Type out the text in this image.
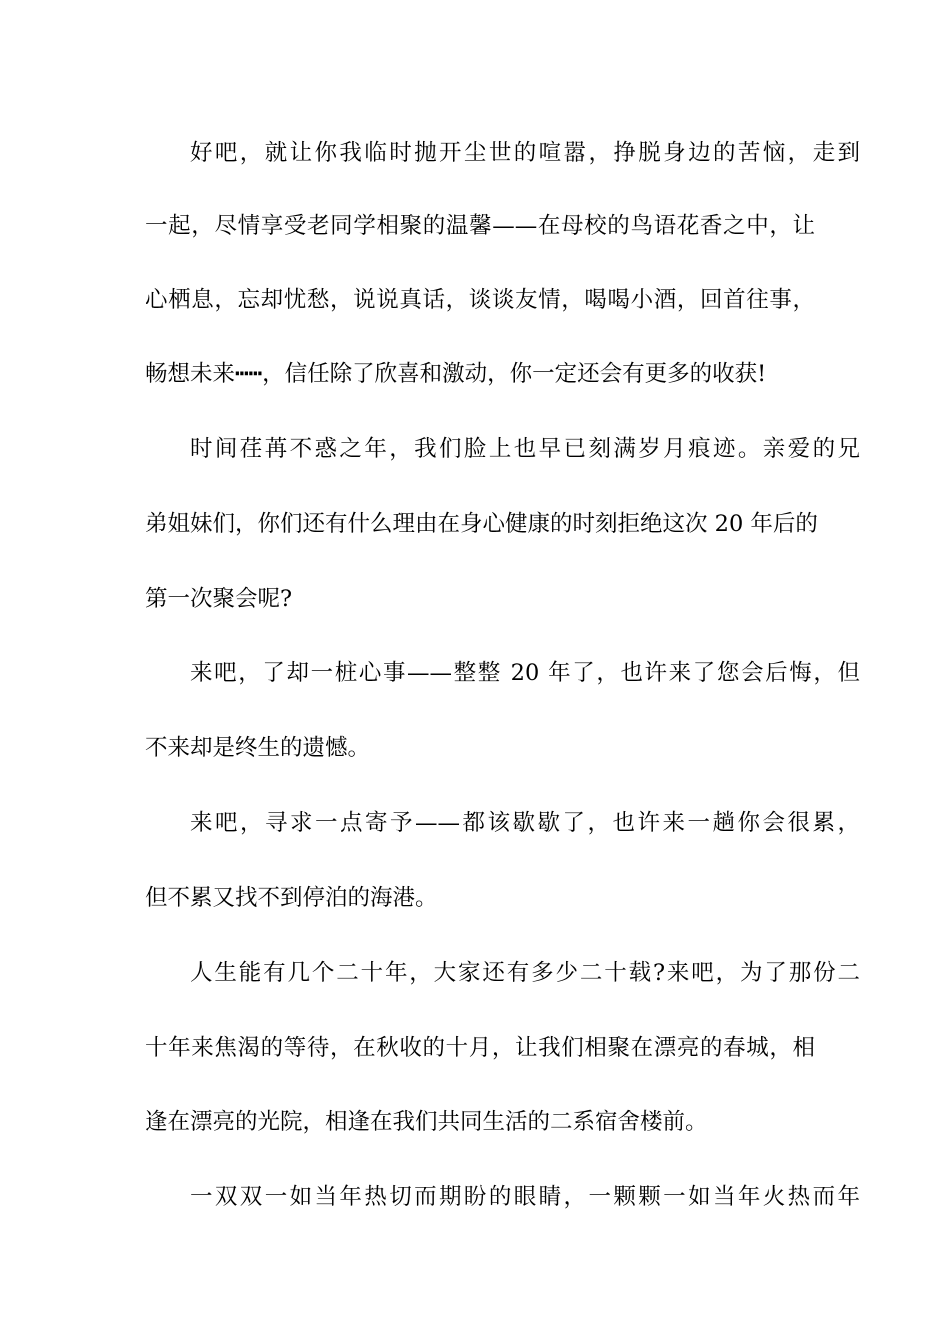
好吧，就让你我临时抛开尘世的喧嚣，挣脱身边的苦恼，走到
一起，尽情享受老同学相聚的温馨——在母校的鸟语花香之中，让
心栖息，忘却忧愁，说说真话，谈谈友情，喝喝小酒，回首往事，
畅想未来┅┅，信任除了欣喜和激动，你一定还会有更多的收获!
时间荏苒不惑之年，我们脸上也早已刻满岁月痕迹。亲爱的兄
弟姐妹们，你们还有什么理由在身心健康的时刻拒绝这次 20 年后的
第一次聚会呢?
来吧，了却一桩心事——整整 20 年了，也许来了您会后悔，但
不来却是终生的遗憾。
来吧，寻求一点寄予——都该歇歇了，也许来一趟你会很累，
但不累又找不到停泊的海港。
人生能有几个二十年，大家还有多少二十载?来吧，为了那份二
十年来焦渴的等待，在秋收的十月，让我们相聚在漂亮的春城，相
逢在漂亮的光院，相逢在我们共同生活的二系宿舍楼前。
一双双一如当年热切而期盼的眼睛，一颗颗一如当年火热而年
